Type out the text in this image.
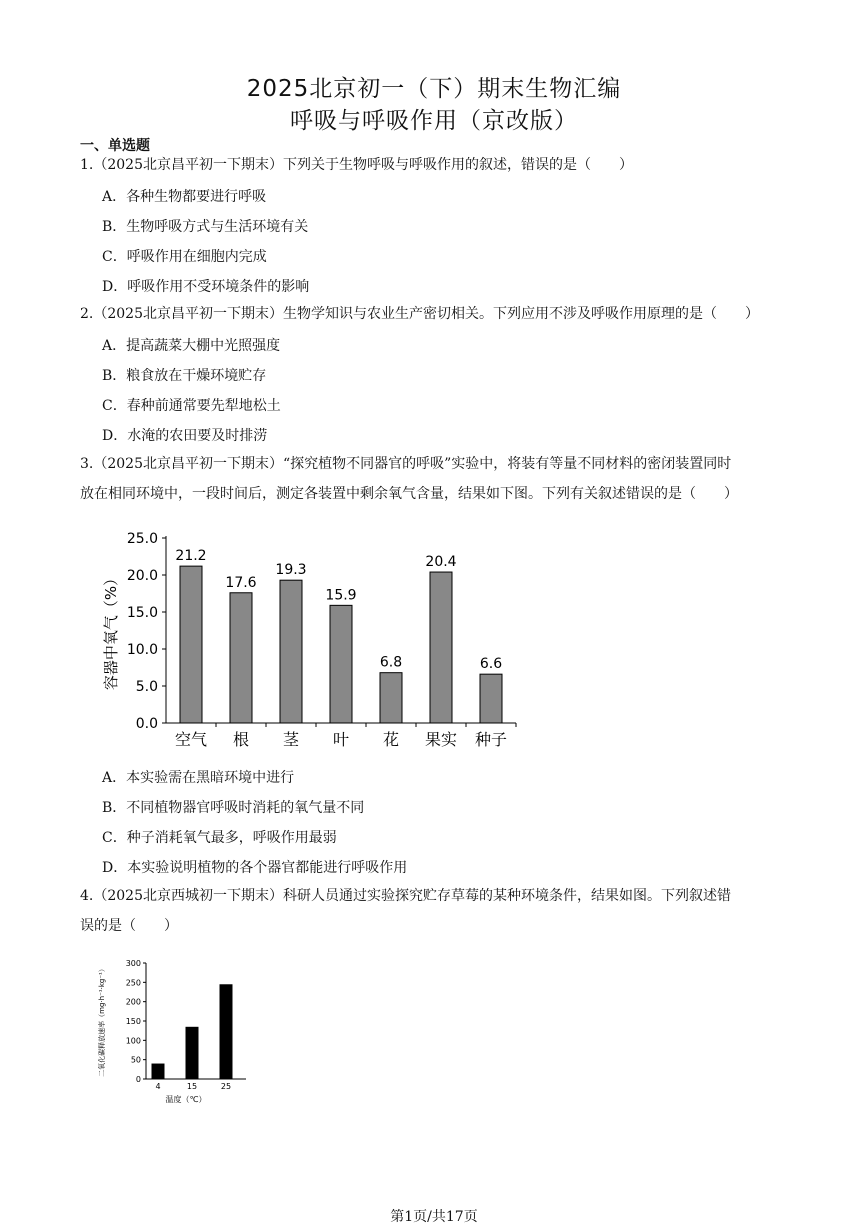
2025北京初一（下）期末生物汇编
呼吸与呼吸作用（京改版）
一、单选题
1.（2025北京昌平初一下期末）下列关于生物呼吸与呼吸作用的叙述，错误的是（　　）
A．各种生物都要进行呼吸
B．生物呼吸方式与生活环境有关
C．呼吸作用在细胞内完成
D．呼吸作用不受环境条件的影响
2.（2025北京昌平初一下期末）生物学知识与农业生产密切相关。下列应用不涉及呼吸作用原理的是（　　）
A．提高蔬菜大棚中光照强度
B．粮食放在干燥环境贮存
C．春种前通常要先犁地松土
D．水淹的农田要及时排涝
3.（2025北京昌平初一下期末）“探究植物不同器官的呼吸”实验中，将装有等量不同材料的密闭装置同时
放在相同环境中，一段时间后，测定各装置中剩余氧气含量，结果如下图。下列有关叙述错误的是（　　）
0.0
5.0
10.0
15.0
20.0
25.0
容器中氧气（%）
21.2
空气
17.6
根
19.3
茎
15.9
叶
6.8
花
20.4
果实
6.6
种子
A．本实验需在黑暗环境中进行
B．不同植物器官呼吸时消耗的氧气量不同
C．种子消耗氧气最多，呼吸作用最弱
D．本实验说明植物的各个器官都能进行呼吸作用
4.（2025北京西城初一下期末）科研人员通过实验探究贮存草莓的某种环境条件，结果如图。下列叙述错
误的是（　　）
0
50
100
150
200
250
300
二氧化碳释放速率（mg·h⁻¹·kg⁻¹）
4	15	25
温度（℃）
第1页/共17页
